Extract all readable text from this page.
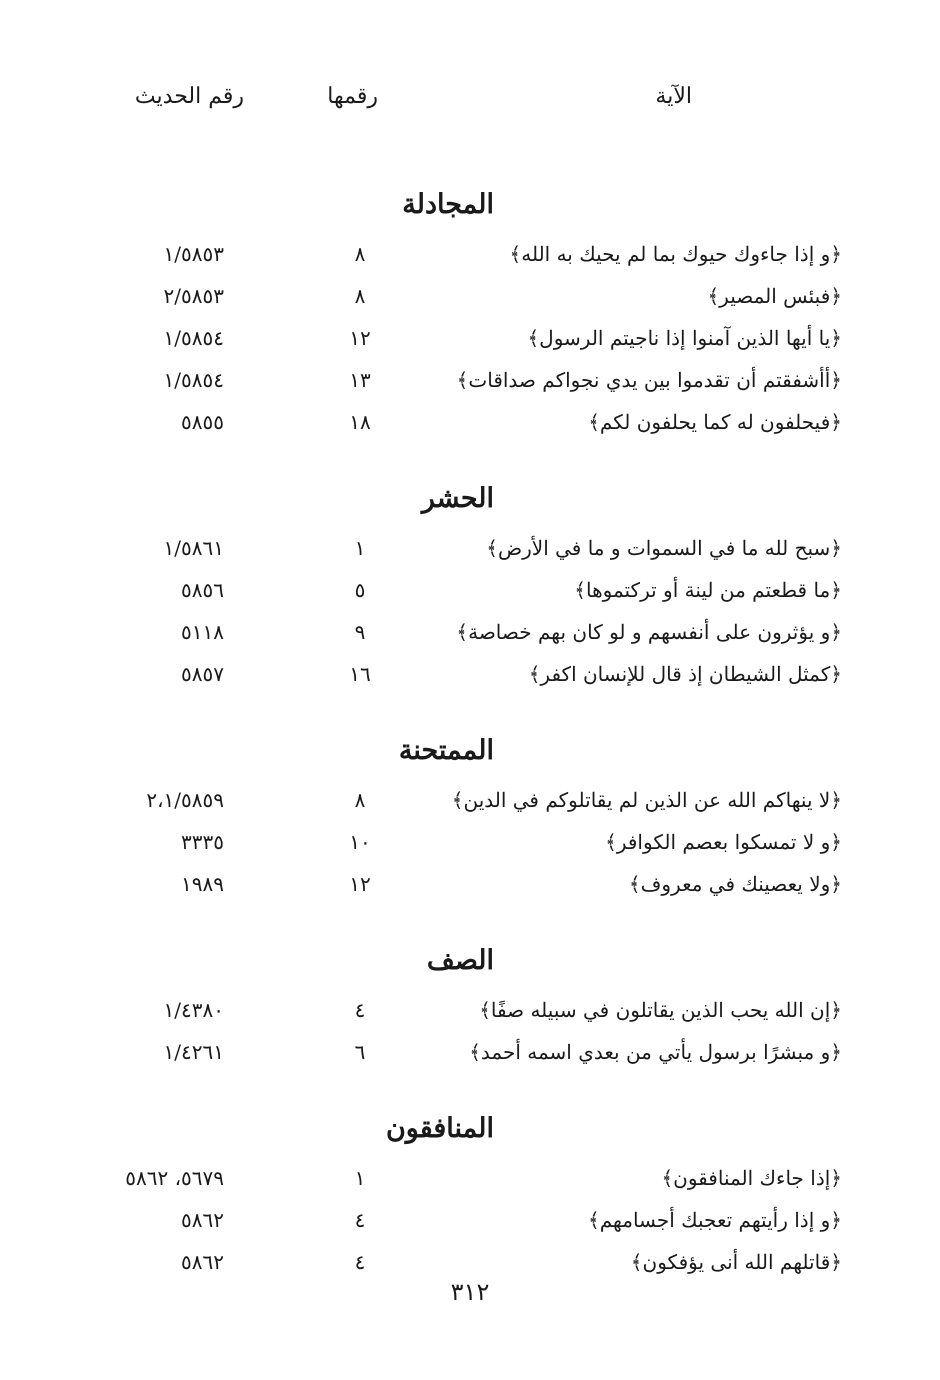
الآية
رقمها
رقم الحديث
المجادلة
﴿و إذا جاءوك حيوك بما لم يحيك به الله﴾
٨
١/٥٨٥٣
﴿فبئس المصير﴾
٨
٢/٥٨٥٣
﴿يا أيها الذين آمنوا إذا ناجيتم الرسول﴾
١٢
١/٥٨٥٤
﴿أأشفقتم أن تقدموا بين يدي نجواكم صداقات﴾
١٣
١/٥٨٥٤
﴿فيحلفون له كما يحلفون لكم﴾
١٨
٥٨٥٥
الحشر
﴿سبح لله ما في السموات و ما في الأرض﴾
١
١/٥٨٦١
﴿ما قطعتم من لينة أو تركتموها﴾
٥
٥٨٥٦
﴿و يؤثرون على أنفسهم و لو كان بهم خصاصة﴾
٩
٥١١٨
﴿كمثل الشيطان إذ قال للإنسان اكفر﴾
١٦
٥٨٥٧
الممتحنة
﴿لا ينهاكم الله عن الذين لم يقاتلوكم في الدين﴾
٨
٢،١/٥٨٥٩
﴿و لا تمسكوا بعصم الكوافر﴾
١٠
٣٣٣٥
﴿ولا يعصينك في معروف﴾
١٢
١٩٨٩
الصف
﴿إن الله يحب الذين يقاتلون في سبيله صفًا﴾
٤
١/٤٣٨٠
﴿و مبشرًا برسول يأتي من بعدي اسمه أحمد﴾
٦
١/٤٢٦١
المنافقون
﴿إذا جاءك المنافقون﴾
١
٥٦٧٩، ٥٨٦٢
﴿و إذا رأيتهم تعجبك أجسامهم﴾
٤
٥٨٦٢
﴿قاتلهم الله أنى يؤفكون﴾
٤
٥٨٦٢
٣١٢
